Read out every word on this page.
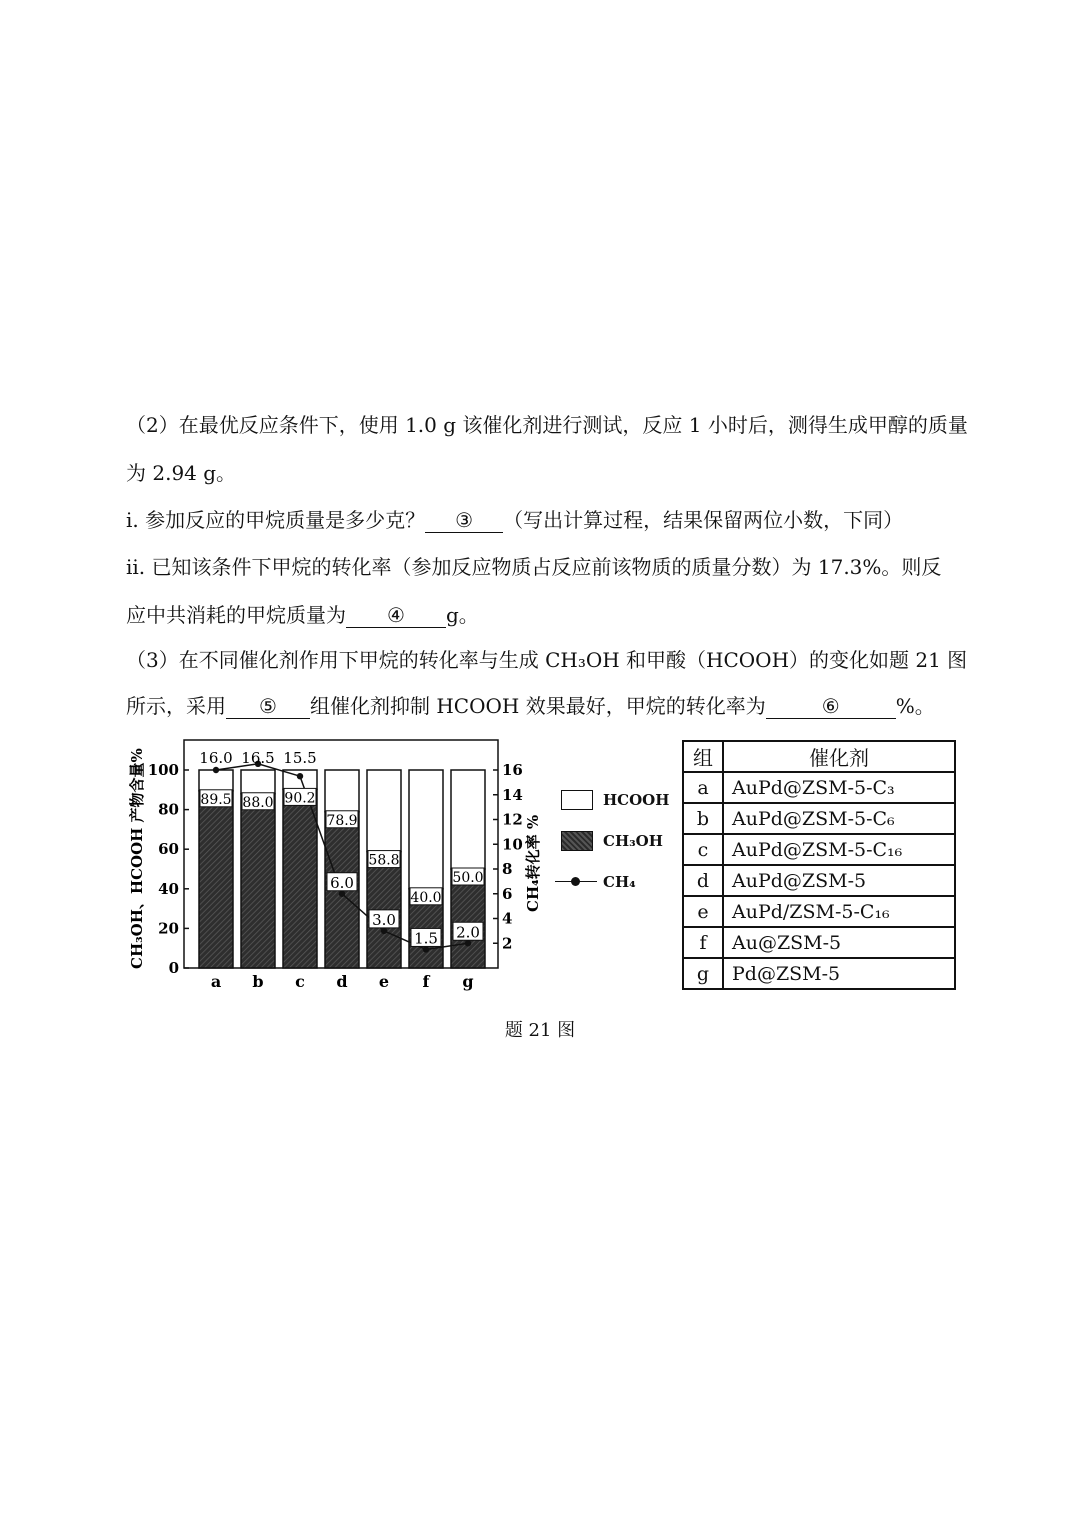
（2）在最优反应条件下，使用 1.0 g 该催化剂进行测试，反应 1 小时后，测得生成甲醇的质量
为 2.94 g。
i. 参加反应的甲烷质量是多少克？ ③ （写出计算过程，结果保留两位小数，下同）
ii. 已知该条件下甲烷的转化率（参加反应物质占反应前该物质的质量分数）为 17.3%。则反
应中共消耗的甲烷质量为 ④ g。
（3）在不同催化剂作用下甲烷的转化率与生成 CH₃OH 和甲酸（HCOOH）的变化如题 21 图
所示，采用 ⑤ 组催化剂抑制 HCOOH 效果最好，甲烷的转化率为	⑥	%。
0
20
40
60
80
100
2
4
6
8
10
12
14
16
a b c d e f g
16.0 16.5 15.5
6.0
3.0
1.5 2.0
89.5 88.0 90.2
78.9
58.8
40.0
50.0
CH₃OH、HCOOH 产物含量%	CH₄转化率 %
HCOOH
CH₃OH
CH₄
组	催化剂
a	AuPd@ZSM-5-C₃
b	AuPd@ZSM-5-C₆
c	AuPd@ZSM-5-C₁₆
d	AuPd@ZSM-5
e	AuPd/ZSM-5-C₁₆
f	Au@ZSM-5
g	Pd@ZSM-5
题 21 图
